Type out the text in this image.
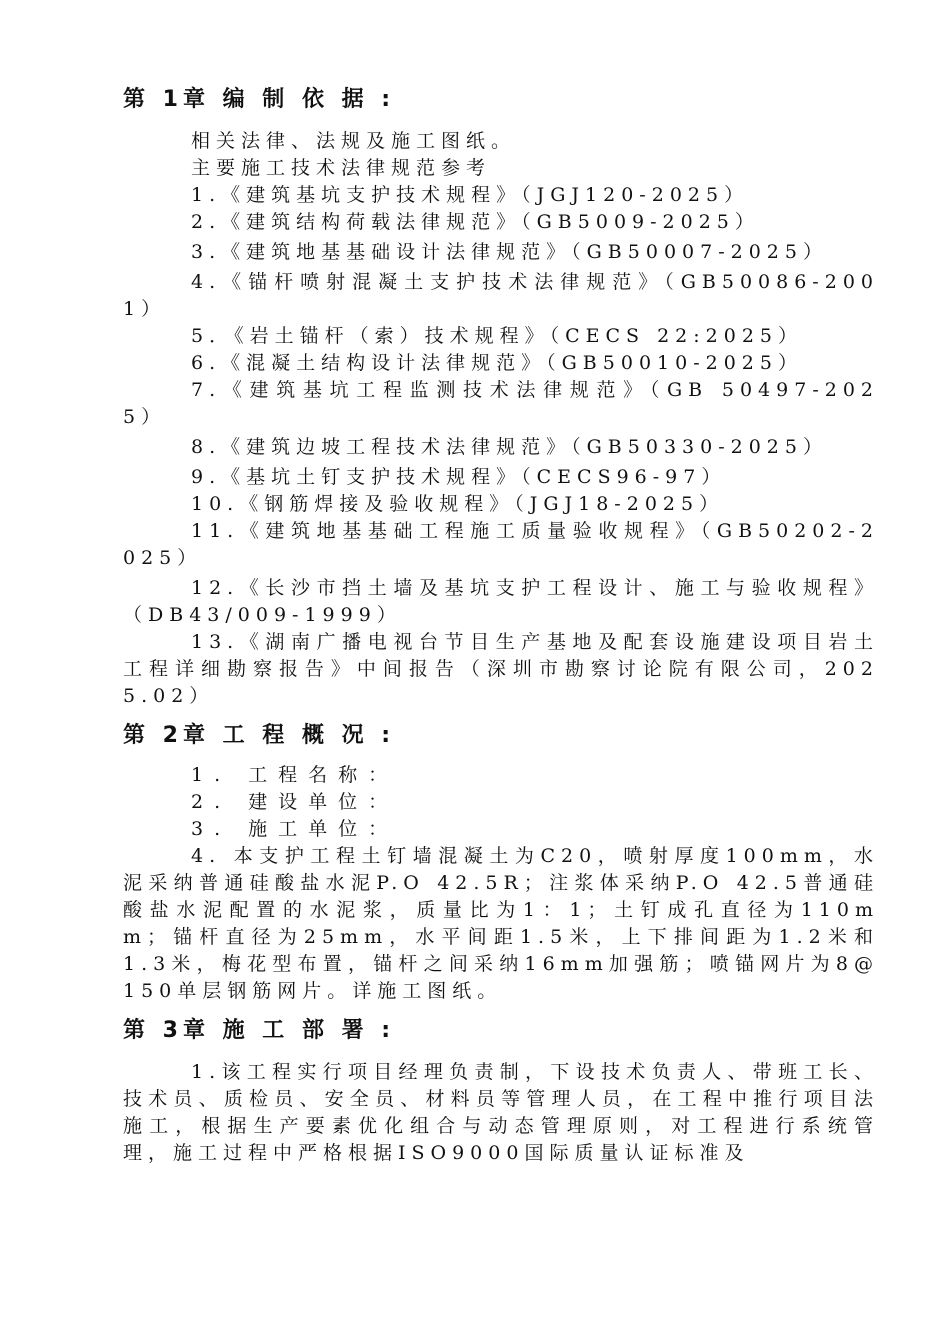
第 1章 编 制 依 据 :

相关法律、法规及施工图纸。

主要施工技术法律规范参考

1.《建筑基坑支护技术规程》（JGJ120-2025）

2.《建筑结构荷载法律规范》（GB5009-2025）

3.《建筑地基基础设计法律规范》（GB50007-2025）

4.《锚杆喷射混凝土支护技术法律规范》（GB50086-2001）

5．《岩土锚杆（索）技术规程》（CECS 22:2025）

6.《混凝土结构设计法律规范》（GB50010-2025）

7.《建筑基坑工程监测技术法律规范》（GB 50497-2025）

8.《建筑边坡工程技术法律规范》（GB50330-2025）

9.《基坑土钉支护技术规程》（CECS96-97）

10.《钢筋焊接及验收规程》（JGJ18-2025）

11.《建筑地基基础工程施工质量验收规程》（GB50202-2025）

12.《长沙市挡土墙及基坑支护工程设计、施工与验收规程》（DB43/009-1999）

13.《湖南广播电视台节目生产基地及配套设施建设项目岩土工程详细勘察报告》中间报告（深圳市勘察讨论院有限公司，2025.02）

第 2章 工 程 概 况 :

1. 工程名称：

2. 建设单位：

3. 施工单位：

4. 本支护工程土钉墙混凝土为C20，喷射厚度100mm，水泥采纳普通硅酸盐水泥P.O 42.5R；注浆体采纳P.O 42.5普通硅酸盐水泥配置的水泥浆，质量比为1：1；土钉成孔直径为110mm；锚杆直径为25mm，水平间距1.5米，上下排间距为1.2米和1.3米，梅花型布置，锚杆之间采纳16mm加强筋；喷锚网片为8@150单层钢筋网片。详施工图纸。

第 3章 施 工 部 署 :

1.该工程实行项目经理负责制，下设技术负责人、带班工长、技术员、质检员、安全员、材料员等管理人员，在工程中推行项目法施工，根据生产要素优化组合与动态管理原则，对工程进行系统管理，施工过程中严格根据ISO9000国际质量认证标准及
